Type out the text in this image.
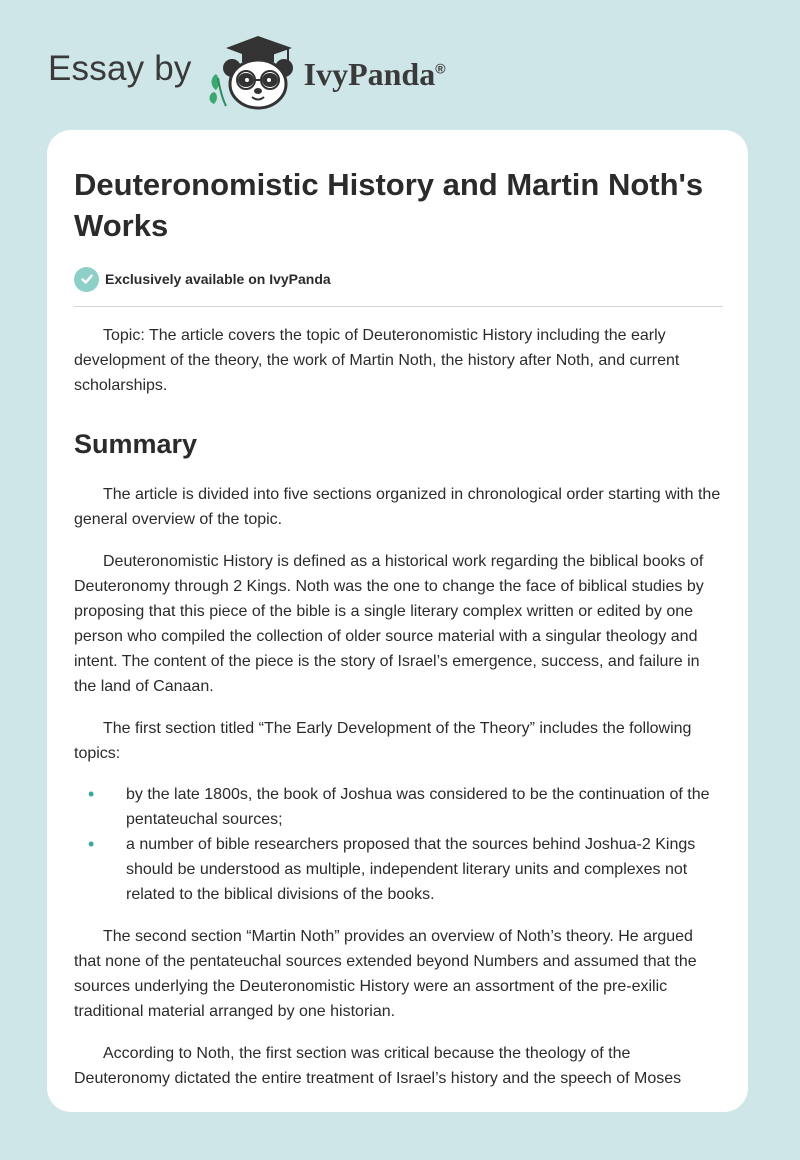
Essay by	IvyPanda®
Deuteronomistic History and Martin Noth's Works
Exclusively available on IvyPanda

Topic: The article covers the topic of Deuteronomistic History including the early development of the theory, the work of Martin Noth, the history after Noth, and current scholarships.

Summary

The article is divided into five sections organized in chronological order starting with the general overview of the topic.

Deuteronomistic History is defined as a historical work regarding the biblical books of Deuteronomy through 2 Kings. Noth was the one to change the face of biblical studies by proposing that this piece of the bible is a single literary complex written or edited by one person who compiled the collection of older source material with a singular theology and intent. The content of the piece is the story of Israel’s emergence, success, and failure in the land of Canaan.

The first section titled “The Early Development of the Theory” includes the following topics:

• by the late 1800s, the book of Joshua was considered to be the continuation of the pentateuchal sources;
• a number of bible researchers proposed that the sources behind Joshua-2 Kings should be understood as multiple, independent literary units and complexes not related to the biblical divisions of the books.

The second section “Martin Noth” provides an overview of Noth’s theory. He argued that none of the pentateuchal sources extended beyond Numbers and assumed that the sources underlying the Deuteronomistic History were an assortment of the pre-exilic traditional material arranged by one historian.

According to Noth, the first section was critical because the theology of the Deuteronomy dictated the entire treatment of Israel’s history and the speech of Moses
